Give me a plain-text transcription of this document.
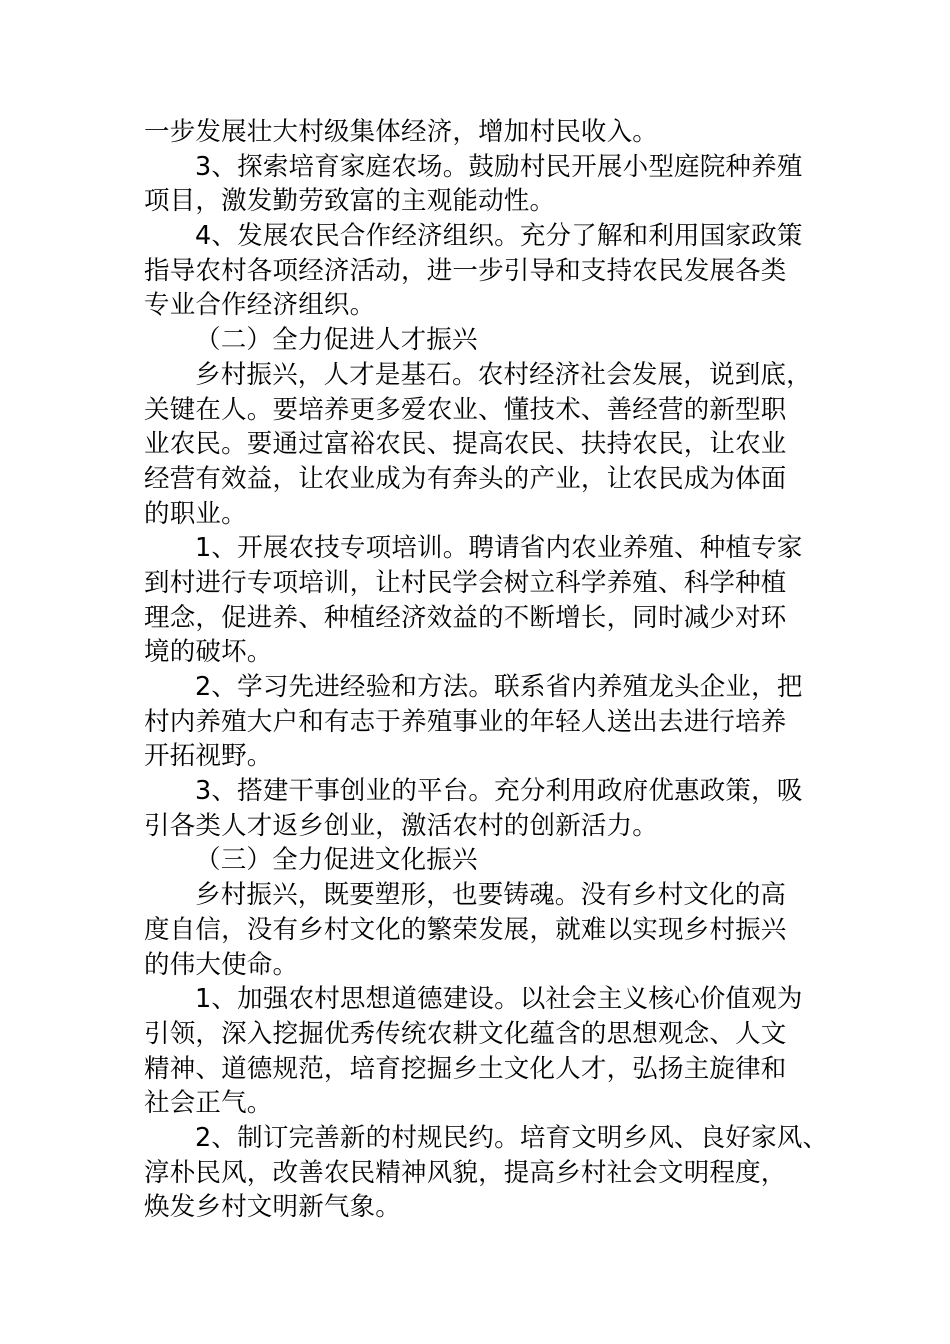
一步发展壮大村级集体经济，增加村民收入。
3、探索培育家庭农场。鼓励村民开展小型庭院种养殖
项目，激发勤劳致富的主观能动性。
4、发展农民合作经济组织。充分了解和利用国家政策
指导农村各项经济活动，进一步引导和支持农民发展各类
专业合作经济组织。
（二）全力促进人才振兴
乡村振兴，人才是基石。农村经济社会发展，说到底，
关键在人。要培养更多爱农业、懂技术、善经营的新型职
业农民。要通过富裕农民、提高农民、扶持农民，让农业
经营有效益，让农业成为有奔头的产业，让农民成为体面
的职业。
1、开展农技专项培训。聘请省内农业养殖、种植专家
到村进行专项培训，让村民学会树立科学养殖、科学种植
理念，促进养、种植经济效益的不断增长，同时减少对环
境的破坏。
2、学习先进经验和方法。联系省内养殖龙头企业，把
村内养殖大户和有志于养殖事业的年轻人送出去进行培养
开拓视野。
3、搭建干事创业的平台。充分利用政府优惠政策，吸
引各类人才返乡创业，激活农村的创新活力。
（三）全力促进文化振兴
乡村振兴，既要塑形，也要铸魂。没有乡村文化的高
度自信，没有乡村文化的繁荣发展，就难以实现乡村振兴
的伟大使命。
1、加强农村思想道德建设。以社会主义核心价值观为
引领，深入挖掘优秀传统农耕文化蕴含的思想观念、人文
精神、道德规范，培育挖掘乡土文化人才，弘扬主旋律和
社会正气。
2、制订完善新的村规民约。培育文明乡风、良好家风、
淳朴民风，改善农民精神风貌，提高乡村社会文明程度，
焕发乡村文明新气象。
